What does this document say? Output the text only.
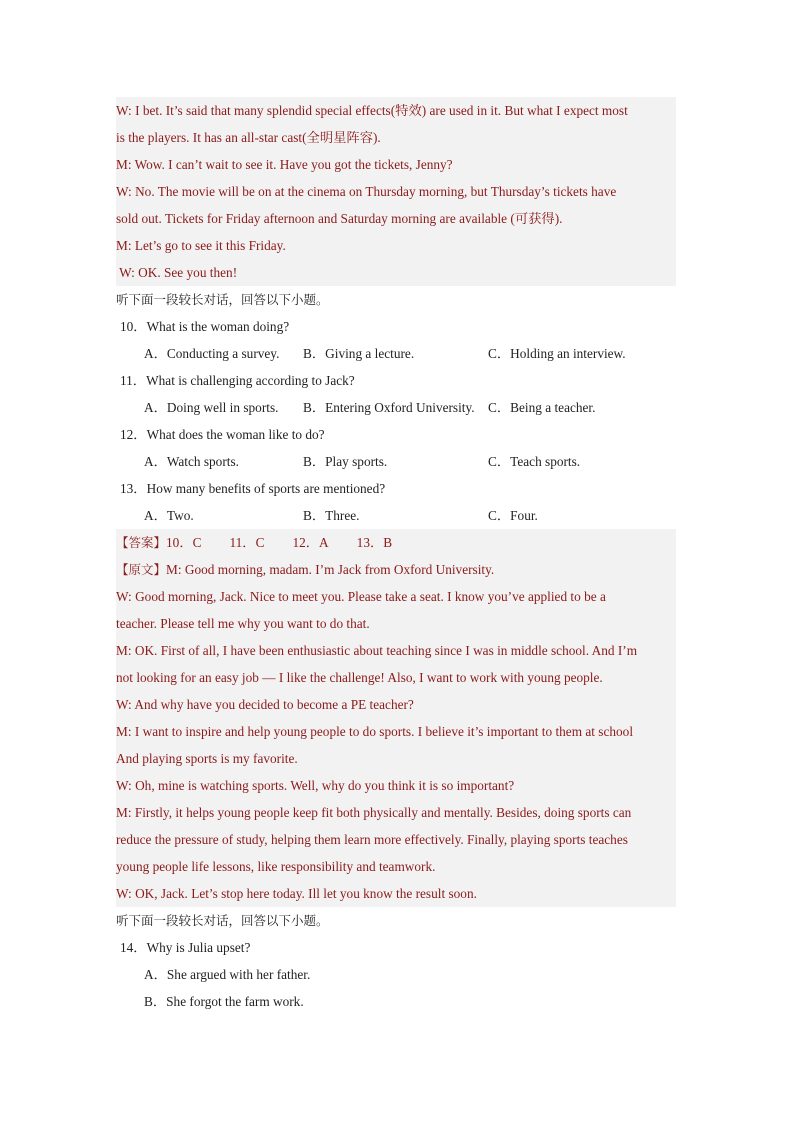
W: I bet. It’s said that many splendid special effects(特效) are used in it. But what I expect most
is the players. It has an all-star cast(全明星阵容).
M: Wow. I can’t wait to see it. Have you got the tickets, Jenny?
W: No. The movie will be on at the cinema on Thursday morning, but Thursday’s tickets have
sold out. Tickets for Friday afternoon and Saturday morning are available (可获得).
M: Let’s go to see it this Friday.
W: OK. See you then!
听下面一段较长对话，回答以下小题。
10．What is the woman doing?
A．Conducting a survey. B．Giving a lecture.	C．Holding an interview.
11．What is challenging according to Jack?
A．Doing well in sports. B．Entering Oxford University. C．Being a teacher.
12．What does the woman like to do?
A．Watch sports.	B．Play sports.	C．Teach sports.
13．How many benefits of sports are mentioned?
A．Two.	B．Three.	C．Four.
【答案】10．C 11．C 12．A 13．B
【原文】M: Good morning, madam. I’m Jack from Oxford University.
W: Good morning, Jack. Nice to meet you. Please take a seat. I know you’ve applied to be a
teacher. Please tell me why you want to do that.
M: OK. First of all, I have been enthusiastic about teaching since I was in middle school. And I’m
not looking for an easy job — I like the challenge! Also, I want to work with young people.
W: And why have you decided to become a PE teacher?
M: I want to inspire and help young people to do sports. I believe it’s important to them at school
And playing sports is my favorite.
W: Oh, mine is watching sports. Well, why do you think it is so important?
M: Firstly, it helps young people keep fit both physically and mentally. Besides, doing sports can
reduce the pressure of study, helping them learn more effectively. Finally, playing sports teaches
young people life lessons, like responsibility and teamwork.
W: OK, Jack. Let’s stop here today. Ill let you know the result soon.
听下面一段较长对话，回答以下小题。
14．Why is Julia upset?
A．She argued with her father.
B．She forgot the farm work.
